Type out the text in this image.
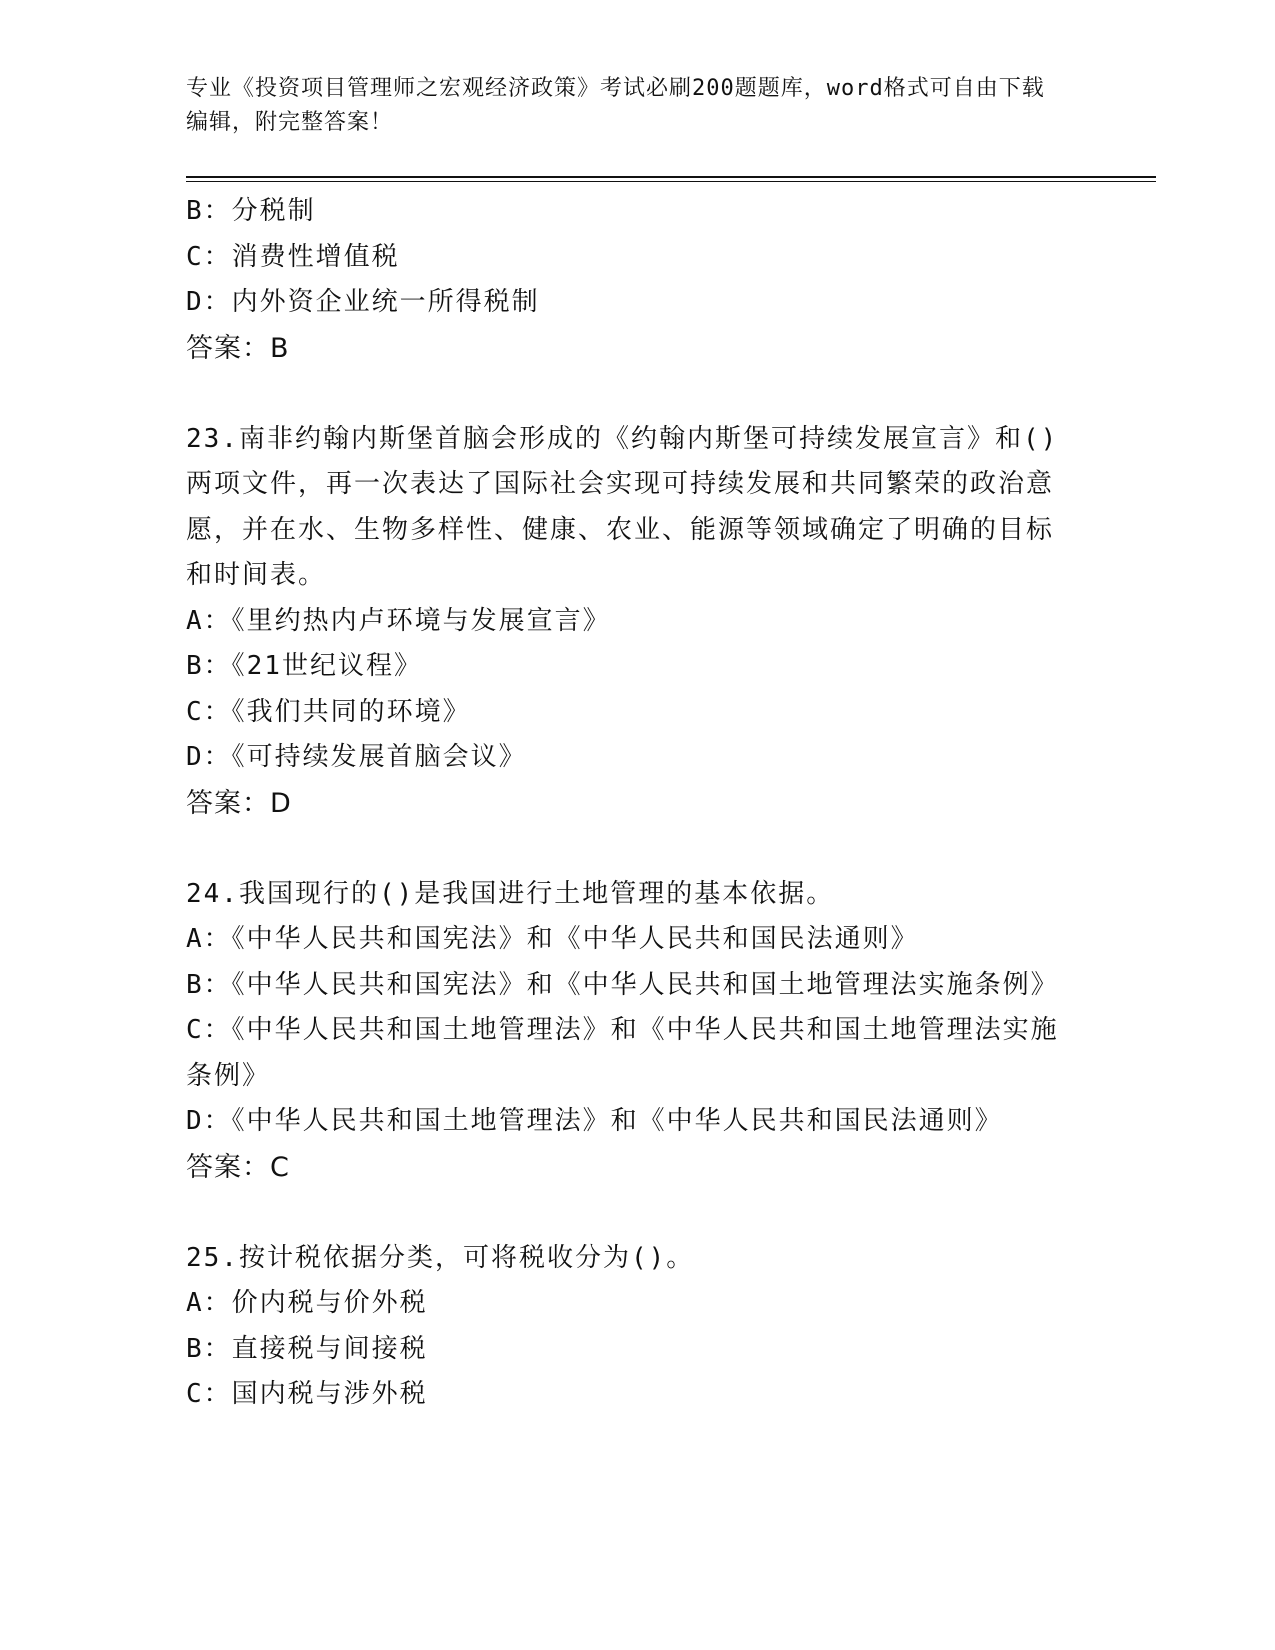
专业《投资项目管理师之宏观经济政策》考试必刷200题题库，word格式可自由下载编辑，附完整答案！
B：分税制
C：消费性增值税
D：内外资企业统一所得税制
答案：B
23.南非约翰内斯堡首脑会形成的《约翰内斯堡可持续发展宣言》和()两项文件，再一次表达了国际社会实现可持续发展和共同繁荣的政治意愿，并在水、生物多样性、健康、农业、能源等领域确定了明确的目标和时间表。
A：《里约热内卢环境与发展宣言》
B：《21世纪议程》
C：《我们共同的环境》
D：《可持续发展首脑会议》
答案：D
24.我国现行的()是我国进行土地管理的基本依据。
A：《中华人民共和国宪法》和《中华人民共和国民法通则》
B：《中华人民共和国宪法》和《中华人民共和国土地管理法实施条例》
C：《中华人民共和国土地管理法》和《中华人民共和国土地管理法实施条例》
D：《中华人民共和国土地管理法》和《中华人民共和国民法通则》
答案：C
25.按计税依据分类，可将税收分为()。
A：价内税与价外税
B：直接税与间接税
C：国内税与涉外税
